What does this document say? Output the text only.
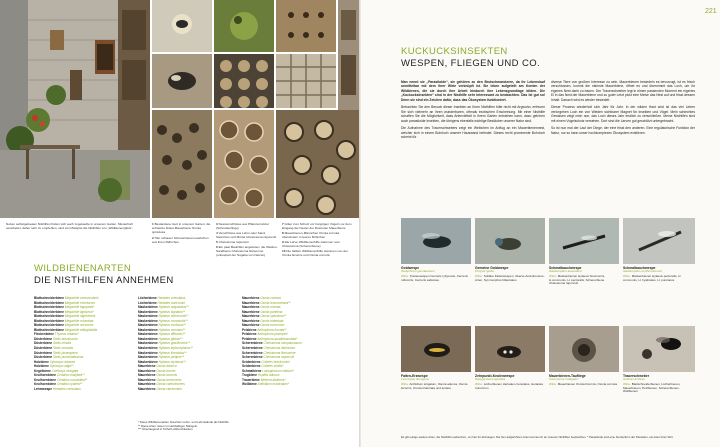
Neben selbstgebauten Nisthilfen finden sich auch zugekaufte in unserem Garten. Musterhaft verarbeitet, daher sehr zu empfehlen, sind zum Beispiel die Nisthilfen von „Wildbienenglück“.
1 Bestandene Gurt in unserem Garten: die schwarze Distel-Mauerbiene Osmia spinulosa
2 Hier schauen Scherenbienen-weibchen aus ihren Röhrchen
3 Nestverschlüsse aus Pflanzenmörtel (Schmetterlinge)
4 Verschlüsse aus Lehm oder Sand, Steinchen und Mörtel Chelostoma rapunculi
5 Chelostoma rapunculi
6 Ein paar Bauhilfen angeboten: die Weiden-Sandbiene Chelostoma florisomne (unbespart der Sugaba von Netzen)
7 Gitter zum Schutz vor hungrigen Vögeln vor dem Eingang der Nester der Rostroten Mauerbiene
8 Mauerbienen-Männchen Osmia cornuta überwintern in leeren Röhrchen
9 Die Larve Wildbienenhilfe stammen vom Chelostoma (Scherenbiene)
10 Die halben Wildbienenhilfe stammen von der Osmia bicornis und Osmia cornuta
WILDBIENENARTEN
DIE NISTHILFEN ANNEHMEN
Blattschneiderbiene Megachile centuncularis
Blattschneiderbiene Megachile ericetorum
Blattschneiderbiene Megachile lagopoda*
Blattschneiderbiene Megachile ligniseca*
Blattschneiderbiene Megachile nigriventris
Blattschneiderbiene Megachile rotundata
Blattschneiderbiene Megachile versicolor
Blattschneiderbiene Megachile willughbiella
Fleckenbiene Thyreus orbatus*
Düsterbiene Stelis breviuscula
Düsterbiene Stelis minuta
Düsterbiene Stelis ornatula
Düsterbiene Stelis phaeoptera
Düsterbiene Stelis punctulatissima
Holzbiene Xylocopa violacea
Holzbiene Xylocopa valga**
Kegelbiene Coelioxys elongata
Keulhornbiene Ceratina chalybea**
Keulhornbiene Ceratina cucurbitina**
Keulhornbiene Ceratina cyanea**
Lehmwespe Heriades crenulatus
Löcherbiene Heriades crenulatus
Löcherbiene Heriades truncorum
Maskenbiene Hylaeus angustatus**
Maskenbiene Hylaeus signatus**
Maskenbiene Hylaeus brevicornis**
Maskenbiene Hylaeus communis**
Maskenbiene Hylaeus confusus**
Maskenbiene Hylaeus cornutus**
Maskenbiene Hylaeus difformis**
Maskenbiene Hylaeus gibbus**
Maskenbiene Hylaeus gracilicornis**
Maskenbiene Hylaeus leptocephalus**
Maskenbiene Hylaeus lineolatus**
Maskenbiene Hylaeus pictipes**
Maskenbiene Hylaeus styriacus**
Mauerbiene Osmia adunca
Mauerbiene Osmia bicolor
Mauerbiene Osmia bicornis
Mauerbiene Osmia brevicornis
Mauerbiene Osmia caerulescens
Mauerbiene Osmia claviventris
Mauerbiene Osmia cornuta
Mauerbiene Osmia leucomelana**
Mauerbiene Osmia niveata
Mauerbiene Osmia parietina
Mauerbiene Osmia spinulosa**
Mauerbiene Osmia tridentata
Mauerbiene Osmia truncorum
Pelzbiene Anthophora furcata**
Pelzbiene Anthophora plumipes*
Pelzbiene Anthophora quadrimaculata*
Scherenbiene Chelostoma campanularum
Scherenbiene Chelostoma distinctum
Scherenbiene Chelostoma florisomne
Scherenbiene Chelostoma rapunculi
Seidenbiene Colletes brevicornis*
Seidenbiene Colletes similis*
Schmalbiene Lasioglossum nitidum*
Trugbiene Hoplitis adunca
Trauerbiene Melecta albifrons*
Wollbiene Anthidium manicatum*
* Diese Wildbienenarten brauchen Lehm- und Lehmwände als Nisthilfe.
** Diese Arten nisten in markhaltigen Stängeln.
*** Überwiegend in Totholz-Abbruchkanten
221
KUCKUCKSINSEKTEN
WESPEN, FLIEGEN UND CO.

Man nennt sie „Parasitoide“, sie gehören zu den Brutschmarotzern, da ihr Lebenslauf unmittelbar mit dem ihrer Wirte verknüpft ist. Sie leben aufgeteilt am Konten der Wildbienen, die sie durch ihre Arbeit hindurch ihre Lebensgrundlage bilden. Die „Kuckucksinsekten“ sind in der Nisthilfe sehr interessant zu beobachten. Das ist gut so! Denn sie sind ein Zeichen dafür, dass das Ökosystem funktioniert.

Betrachten Sie den Besuch dieser Insekten an Ihren Nisthilfen bitte nicht mit Argwohn, erfreuen Sie sich vielmehr an ihren wunderbaren, oftmals exotischen Erscheinung. Mit einer Nisthilfe schaffen Sie die Möglichkeit, dass Artenvielfalt in Ihrem Garten entstehen kann, dazu gehören auch parasitoide Insekten, die übrigens ebenfalls wichtige Bestäuber unserer Natur sind.

Die Aufnahme des Trauerschwebers zeigt ein Weibchen im Anflug an ein Mauerbienennest, welcher sich in einem Bohrloch unserer Hauswand befindet. Dieses recht prominente Bohrloch scheint für

diverse Tiere von großem Interesse zu sein. Mauerbienen besiedeln es bevorzugt, ist es frisch verschlossen, kommt die nächste Mauerbiene, öffnet es und übernimmt das Loch, um ihr eigenes Nest darin zu bauen. Der Trauerschweber legt in einem passenden Moment ein eigenes Ei in das Nest der Mauerbiene und zu guter Letzt pickt eine Meise das Nest auf und frisst dessen Inhalt. Danach wird es wieder besiedelt.

Dieser Prozess wiederholt sich Jahr für Jahr. In der wilden Hast wird ist das viel Leben verlorgehen Loch ein von Wieden sichtbarer Magnet für Insekten und Vögel. Mein schlechtes Gewissen zeigt mich nun, das Loch dieses Jahr endlich zu verschließen. Meine Nisthilfen sind mit einem Vogelschutz versehen. Dort sind die Larven gut geschützt untergebracht.

So ist nun mal der Lauf der Dinge, der eine frisst den anderen. Eine regulatorische Funktion der Natur, nur so kann unser hochkomplexes Ökosystem existieren.

Goldwespe
Hedychrum gerstaeckeri
Wirte: Knotenwespen Cerceris rybyensis, Cerceris ruficornis, Cerceris sabulosa
Gemeine Goldwespe
Chrysis ignita
Wirte: Solitäre Faltenwespen, diverse Ancistrocerus-Arten, Symmorphus bifasciatus
Schmalbauchwespe
Gasteruption assectator
Wirte: Maskenbienen Hylaeus brevicornis, H.communis, H. pectoralis, Scherenbiene Chelostoma rapunculi
Schmalbauchwespe
Gasteruption erythrostomum
Wirte: Maskenbienen Hylaeus pectoralis, H. communis, H. hyalinatus, H. punctatus
Falten-Erzwespe
Leucospis dorsigera
Wirte: Anthidium strigatum, Osmia adunca, Osmia bicornis, Osmia tridentata und andere
Zehrpunkt-Keulenwespe
Sapyga decemguttata
Wirte: Löcherbienen Heriades crenulatus, Heriades truncorum
Mauerbienen-Taufliege
Cacoxenus indagator
Wirte: Mauerbienen Osmia bicornis, Osmia cornuta
Trauerschweber
Anthrax anthrax
Wirte: Blattschneiderbienen, Löcherbienen, Mauerbienen, Pelzbienen, Scherenbienen, Wollbienen
Es gibt einige weitere Arten, die Nisthilfen aufsuchen, um hier ihr abzulegen. Die hier aufgeführten Arten konnte ich an unseren Nisthilfen beobachten. * Parasitoide sind eine Sonderform der Parasiten, sie töten ihren Wirt.
